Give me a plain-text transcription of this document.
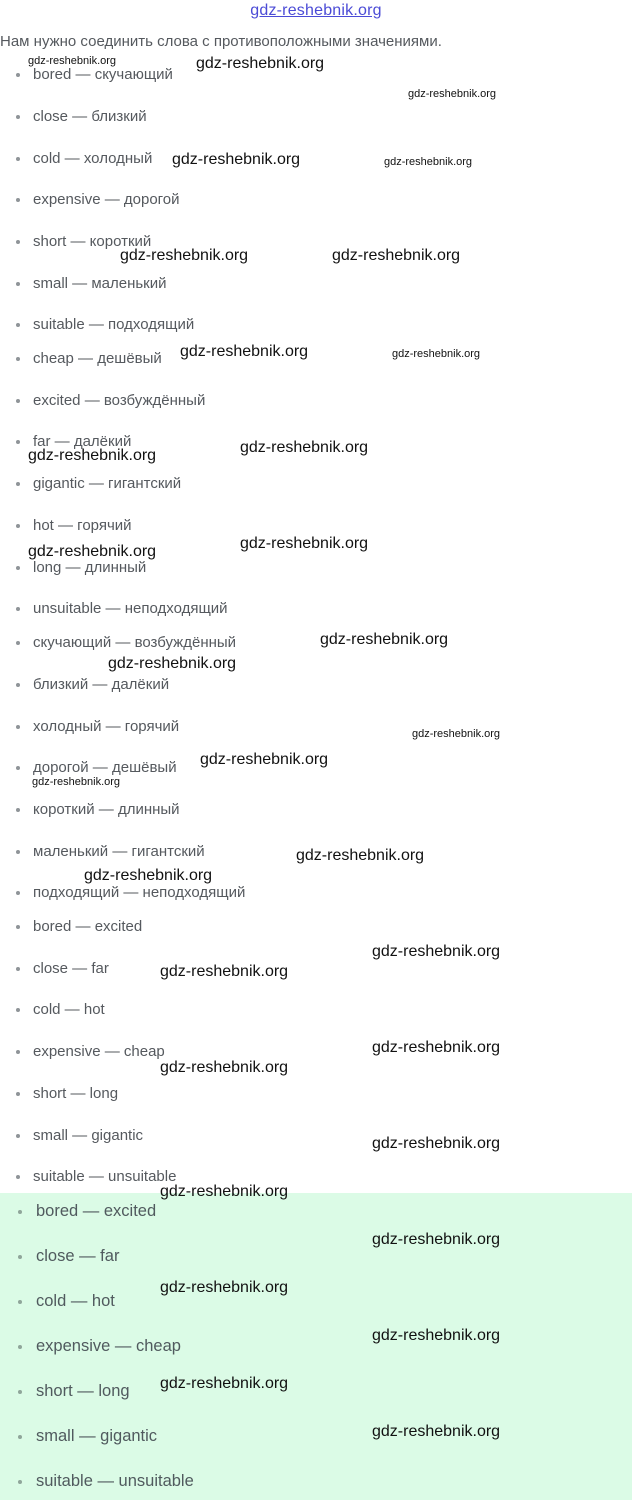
gdz-reshebnik.org
Нам нужно соединить слова с противоположными значениями.
bored — скучающий
close — близкий
cold — холодный
expensive — дорогой
short — короткий
small — маленький
suitable — подходящий
cheap — дешёвый
excited — возбуждённый
far — далёкий
gigantic — гигантский
hot — горячий
long — длинный
unsuitable — неподходящий
скучающий — возбуждённый
близкий — далёкий
холодный — горячий
дорогой — дешёвый
короткий — длинный
маленький — гигантский
подходящий — неподходящий
bored — excited
close — far
cold — hot
expensive — cheap
short — long
small — gigantic
suitable — unsuitable
bored — excited
close — far
cold — hot
expensive — cheap
short — long
small — gigantic
suitable — unsuitable
gdz-reshebnik.org	gdz-reshebnik.org
gdz-reshebnik.org
gdz-reshebnik.org	gdz-reshebnik.org
gdz-reshebnik.org	gdz-reshebnik.org
gdz-reshebnik.org	gdz-reshebnik.org
gdz-reshebnik.org
gdz-reshebnik.org
gdz-reshebnik.org
gdz-reshebnik.org
gdz-reshebnik.org
gdz-reshebnik.org
gdz-reshebnik.org
gdz-reshebnik.org
gdz-reshebnik.org
gdz-reshebnik.org
gdz-reshebnik.org
gdz-reshebnik.org
gdz-reshebnik.org
gdz-reshebnik.org
gdz-reshebnik.org
gdz-reshebnik.org
gdz-reshebnik.org
gdz-reshebnik.org
gdz-reshebnik.org
gdz-reshebnik.org
gdz-reshebnik.org
gdz-reshebnik.org
